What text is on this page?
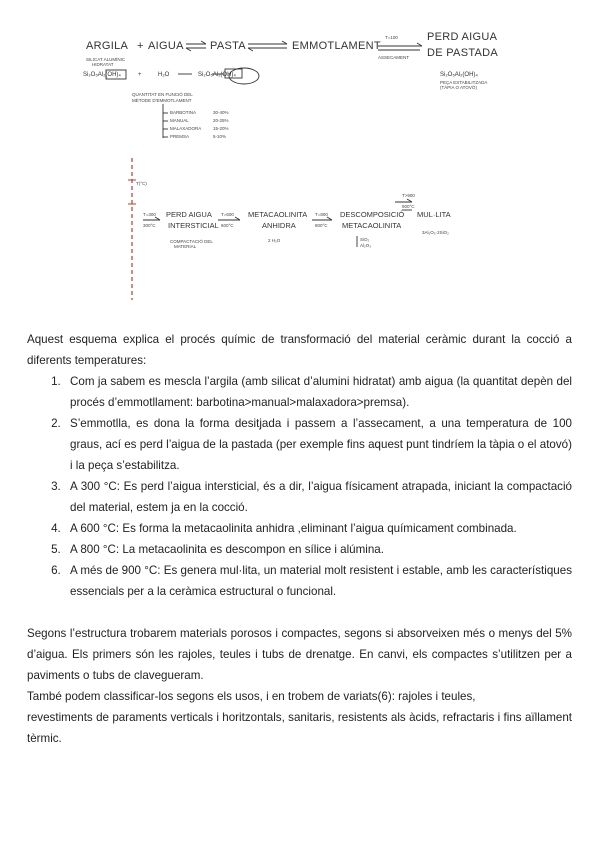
ARGILA + AIGUA PASTA	EMMOTLAMENT
PERD AIGUA
DE PASTADA
T=100
ASSECAMENT
SILICAT ALUMÍNIC
HIDRATAT
Si₂O₅Al₂(OH)₄	+	H₂O	Si₂O₅Al₂(OH)₄	Si₂O₅Al₂(OH)₄
PEÇA ESTABILITZADA
(TÀPIA O ATOVÓ)
QUANTITAT EN FUNCIÓ DEL
MÈTODE D'EMMOTLAMENT
BARBOTINA	30-40%
MANUAL	20-25%
MALAXADORA	15-20%
PREMSA	5-10%
T(°C)
T=300
300°C
PERD AIGUA
INTERSTICIAL
COMPACTACIÓ DEL
MATERIAL
T=600
600°C
METACAOLINITA
ANHIDRA
2 H₂O
T=800
800°C
DESCOMPOSICIÓ
METACAOLINITA
SiO₂
Al₂O₃
T>900
900°C
MUL·LITA
3Al₂O₃·2SiO₂

Aquest esquema explica el procés químic de transformació del material ceràmic durant la cocció a diferents temperatures:

1. Com ja sabem es mescla l’argila (amb silicat d’alumini hidratat) amb aigua (la quantitat depèn del procés d’emmotllament: barbotina>manual>malaxadora>premsa).
2. S’emmotlla, es dona la forma desitjada i passem a l’assecament, a una temperatura de 100 graus, ací es perd l’aigua de la pastada (per exemple fins aquest punt tindríem la tàpia o el atovó) i la peça s’estabilitza.
3. A 300 °C: Es perd l’aigua intersticial, és a dir, l’aigua físicament atrapada, iniciant la compactació del material, estem ja en la cocció.
4. A 600 °C: Es forma la metacaolinita anhidra ,eliminant l’aigua químicament combinada.
5. A 800 °C: La metacaolinita es descompon en sílice i alúmina.
6. A més de 900 °C: Es genera mul·lita, un material molt resistent i estable, amb les característiques essencials per a la ceràmica estructural o funcional.

Segons l’estructura trobarem materials porosos i compactes, segons si absorveixen més o menys del 5% d’aigua. Els primers són les rajoles, teules i tubs de drenatge. En canvi, els compactes s’utilitzen per a paviments o tubs de clavegueram.

També podem classificar-los segons els usos, i en trobem de variats(6): rajoles i teules,

revestiments de paraments verticals i horitzontals, sanitaris, resistents als àcids, refractaris i fins aïllament tèrmic.
